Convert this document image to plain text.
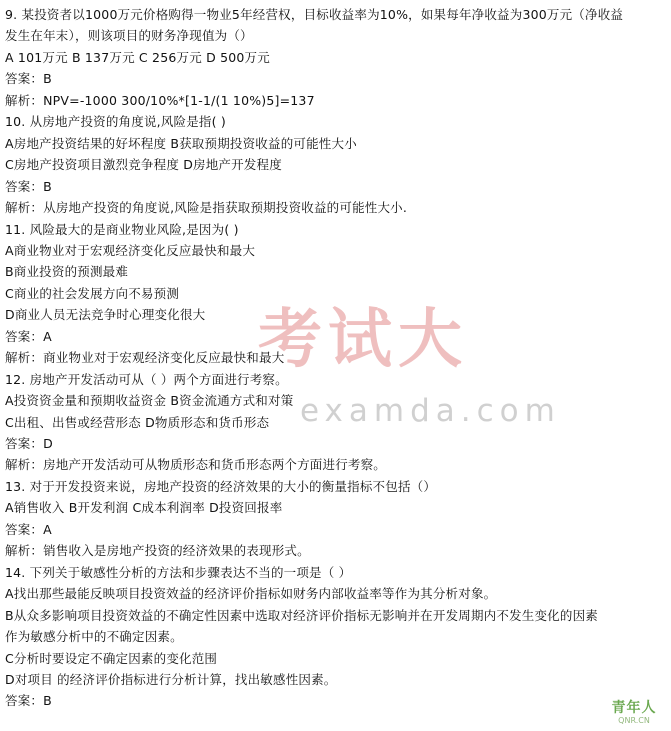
9. 某投资者以1000万元价格购得一物业5年经营权，目标收益率为10%，如果每年净收益为300万元（净收益
发生在年末），则该项目的财务净现值为（）
A 101万元 B 137万元 C 256万元 D 500万元
答案：B
解析：NPV=-1000 300/10%*[1-1/(1 10%)5]=137
10. 从房地产投资的角度说,风险是指( )
A房地产投资结果的好坏程度 B获取预期投资收益的可能性大小
C房地产投资项目激烈竞争程度 D房地产开发程度
答案：B
解析：从房地产投资的角度说,风险是指获取预期投资收益的可能性大小.
11. 风险最大的是商业物业风险,是因为( )
A商业物业对于宏观经济变化反应最快和最大
B商业投资的预测最难
C商业的社会发展方向不易预测
D商业人员无法竞争时心理变化很大
答案：A
解析：商业物业对于宏观经济变化反应最快和最大
12. 房地产开发活动可从（ ）两个方面进行考察。
A投资资金量和预期收益资金 B资金流通方式和对策
C出租、出售或经营形态 D物质形态和货币形态
答案：D
解析：房地产开发活动可从物质形态和货币形态两个方面进行考察。
13. 对于开发投资来说，房地产投资的经济效果的大小的衡量指标不包括（）
A销售收入 B开发利润 C成本利润率 D投资回报率
答案：A
解析：销售收入是房地产投资的经济效果的表现形式。
14. 下列关于敏感性分析的方法和步骤表达不当的一项是（ ）
A找出那些最能反映项目投资效益的经济评价指标如财务内部收益率等作为其分析对象。
B从众多影响项目投资效益的不确定性因素中选取对经济评价指标无影响并在开发周期内不发生变化的因素
作为敏感分析中的不确定因素。
C分析时要设定不确定因素的变化范围
D对项目 的经济评价指标进行分析计算，找出敏感性因素。
答案：B
考试大
examda.com
青年人
QNR.CN
